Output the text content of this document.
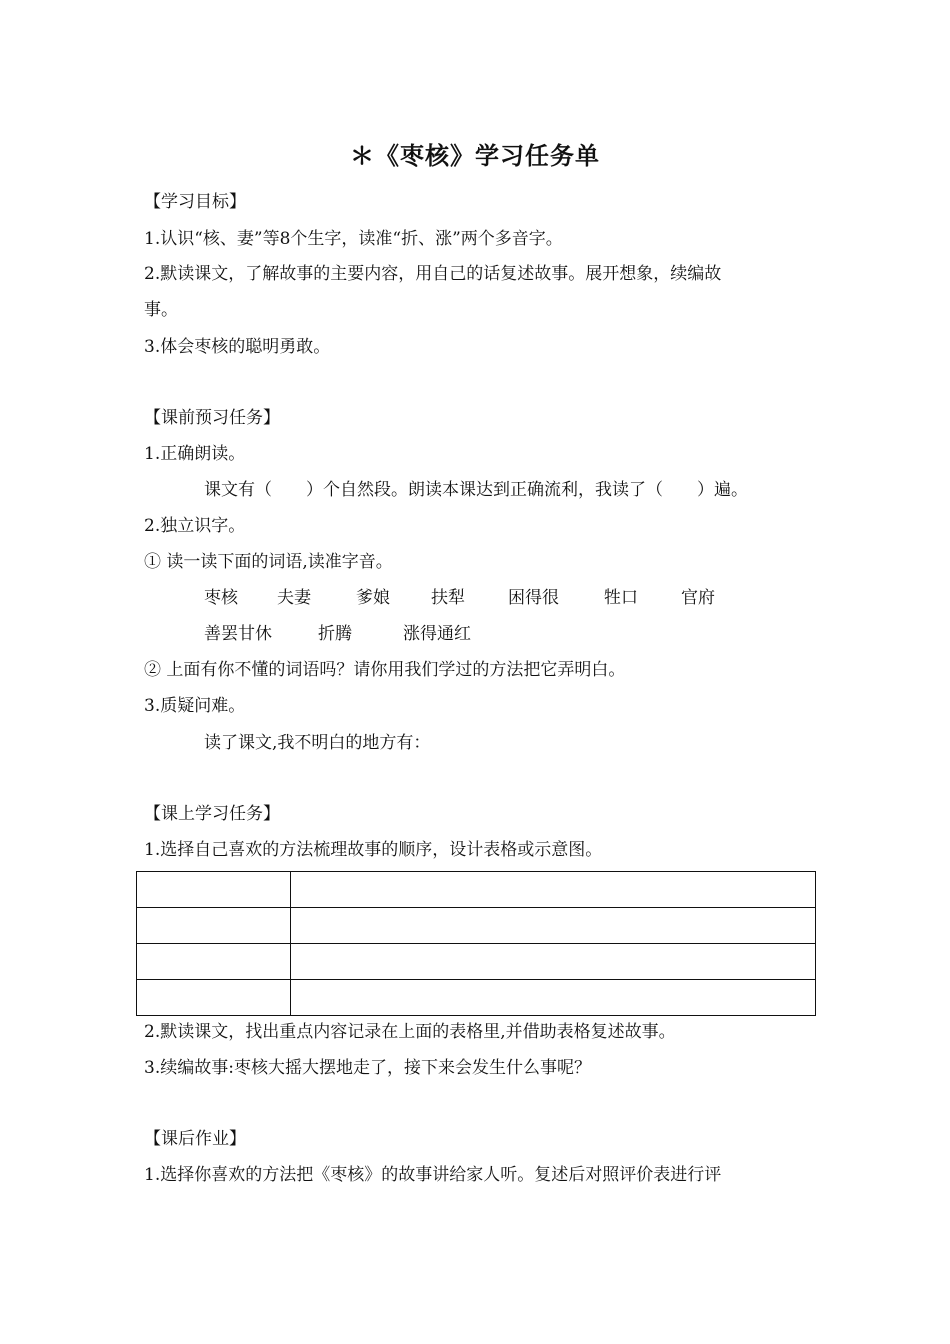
＊《枣核》学习任务单
【学习目标】
1.认识“核、妻”等8个生字，读准“折、涨”两个多音字。
2.默读课文，了解故事的主要内容，用自己的话复述故事。展开想象，续编故
事。
3.体会枣核的聪明勇敢。
【课前预习任务】
1.正确朗读。
课文有（　　）个自然段。朗读本课达到正确流利，我读了（　　）遍。
2.独立识字。
① 读一读下面的词语,读准字音。
枣核 夫妻	爹娘 扶犁	困得很	牲口	官府
善罢甘休	折腾	涨得通红
② 上面有你不懂的词语吗？请你用我们学过的方法把它弄明白。
3.质疑问难。
读了课文,我不明白的地方有：
【课上学习任务】
1.选择自己喜欢的方法梳理故事的顺序，设计表格或示意图。

2.默读课文，找出重点内容记录在上面的表格里,并借助表格复述故事。
3.续编故事:枣核大摇大摆地走了，接下来会发生什么事呢？
【课后作业】
1.选择你喜欢的方法把《枣核》的故事讲给家人听。复述后对照评价表进行评
